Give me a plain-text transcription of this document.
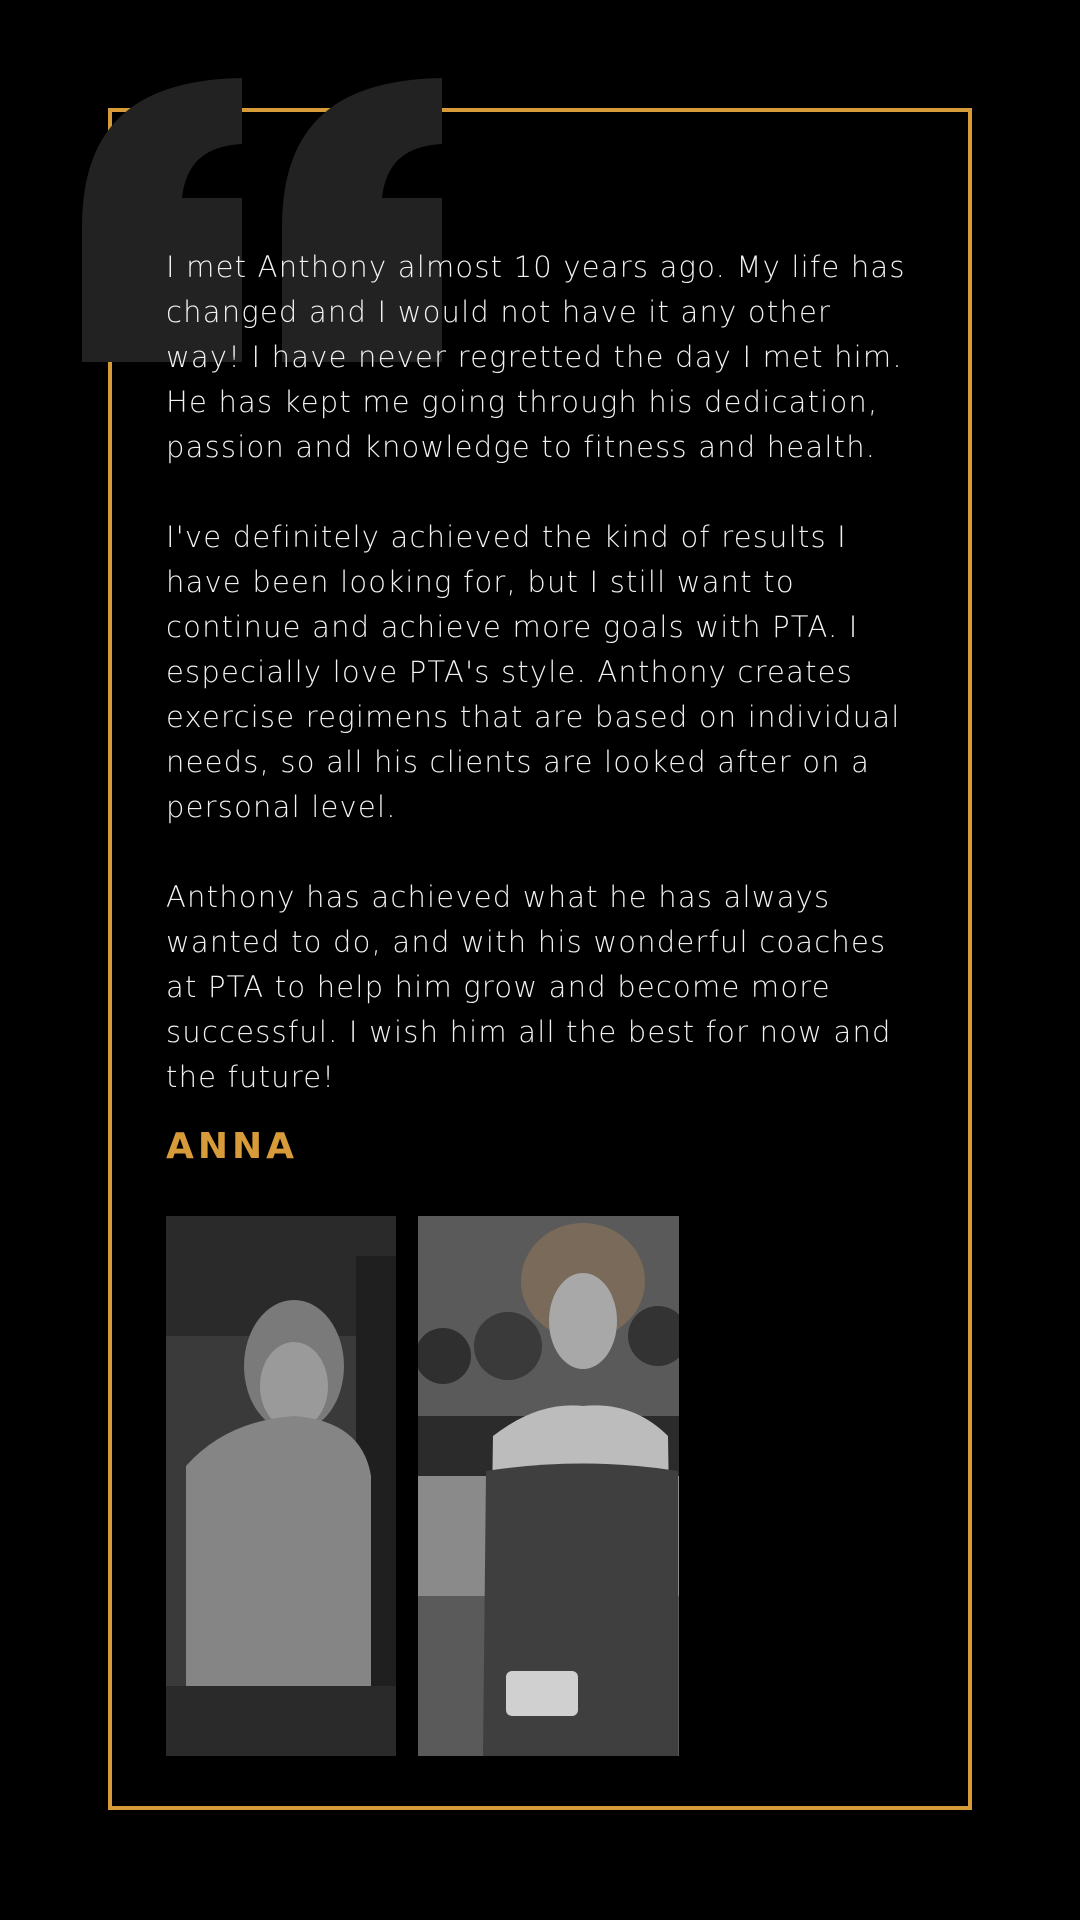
I met Anthony almost 10 years ago. My life has changed and I would not have it any other way! I have never regretted the day I met him. He has kept me going through his dedication, passion and knowledge to fitness and health.

I've definitely achieved the kind of results I have been looking for, but I still want to continue and achieve more goals with PTA. I especially love PTA's style. Anthony creates exercise regimens that are based on individual needs, so all his clients are looked after on a personal level.

Anthony has achieved what he has always wanted to do, and with his wonderful coaches at PTA to help him grow and become more successful. I wish him all the best for now and the future!

ANNA
